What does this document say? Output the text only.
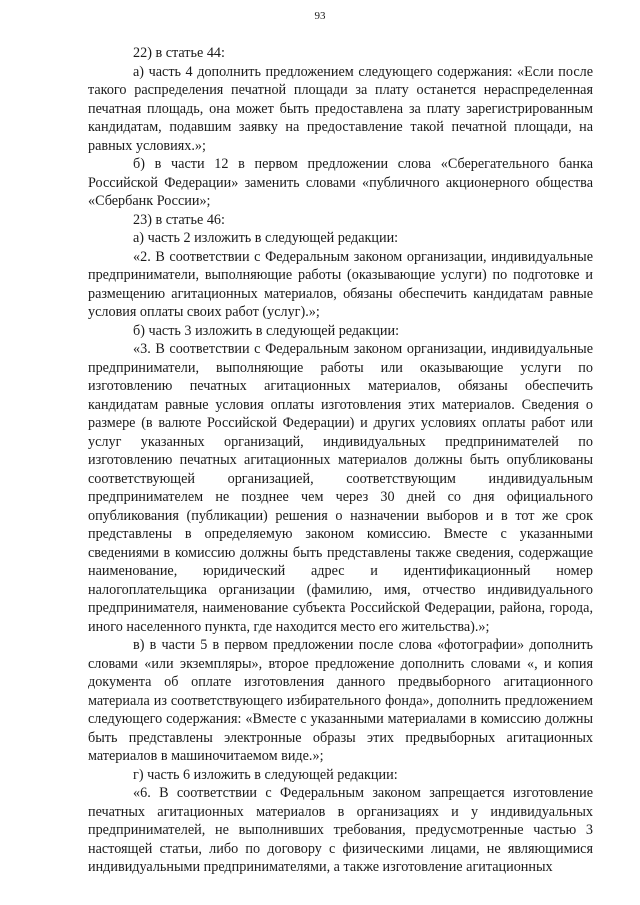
93

22) в статье 44:

а) часть 4 дополнить предложением следующего содержания: «Если после такого распределения печатной площади за плату останется нераспределенная печатная площадь, она может быть предоставлена за плату зарегистрированным кандидатам, подавшим заявку на предоставление такой печатной площади, на равных условиях.»;

б) в части 12 в первом предложении слова «Сберегательного банка Российской Федерации» заменить словами «публичного акционерного общества «Сбербанк России»;

23) в статье 46:

а) часть 2 изложить в следующей редакции:

«2. В соответствии с Федеральным законом организации, индивидуальные предприниматели, выполняющие работы (оказывающие услуги) по подготовке и размещению агитационных материалов, обязаны обеспечить кандидатам равные условия оплаты своих работ (услуг).»;

б) часть 3 изложить в следующей редакции:

«3. В соответствии с Федеральным законом организации, индивидуальные предприниматели, выполняющие работы или оказывающие услуги по изготовлению печатных агитационных материалов, обязаны обеспечить кандидатам равные условия оплаты изготовления этих материалов. Сведения о размере (в валюте Российской Федерации) и других условиях оплаты работ или услуг указанных организаций, индивидуальных предпринимателей по изготовлению печатных агитационных материалов должны быть опубликованы соответствующей организацией, соответствующим индивидуальным предпринимателем не позднее чем через 30 дней со дня официального опубликования (публикации) решения о назначении выборов и в тот же срок представлены в определяемую законом комиссию. Вместе с указанными сведениями в комиссию должны быть представлены также сведения, содержащие наименование, юридический адрес и идентификационный номер налогоплательщика организации (фамилию, имя, отчество индивидуального предпринимателя, наименование субъекта Российской Федерации, района, города, иного населенного пункта, где находится место его жительства).»;

в) в части 5 в первом предложении после слова «фотографии» дополнить словами «или экземпляры», второе предложение дополнить словами «, и копия документа об оплате изготовления данного предвыборного агитационного материала из соответствующего избирательного фонда», дополнить предложением следующего содержания: «Вместе с указанными материалами в комиссию должны быть представлены электронные образы этих предвыборных агитационных материалов в машиночитаемом виде.»;

г) часть 6 изложить в следующей редакции:

«6. В соответствии с Федеральным законом запрещается изготовление печатных агитационных материалов в организациях и у индивидуальных предпринимателей, не выполнивших требования, предусмотренные частью 3 настоящей статьи, либо по договору с физическими лицами, не являющимися индивидуальными предпринимателями, а также изготовление агитационных
